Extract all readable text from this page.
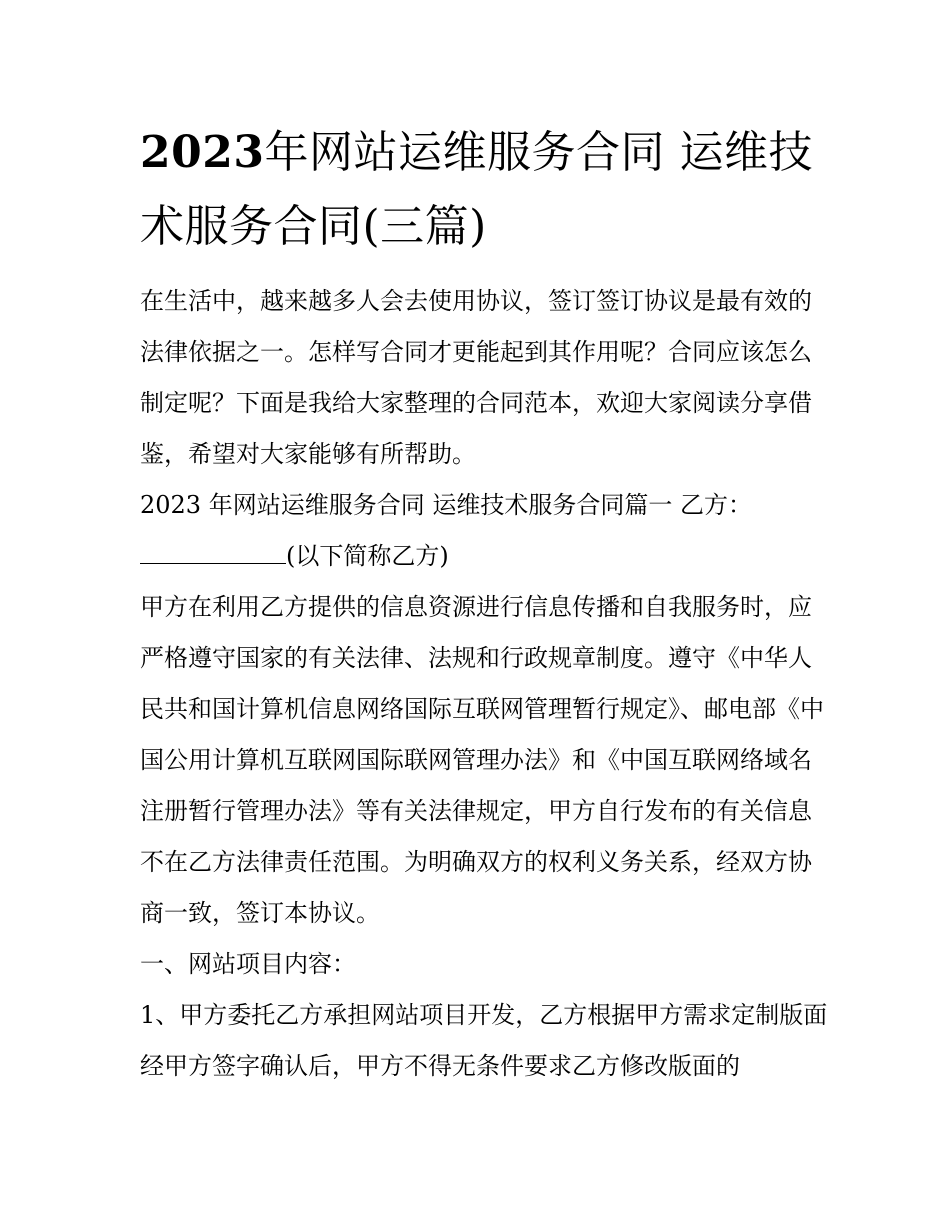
2023年网站运维服务合同 运维技术服务合同(三篇)

在生活中，越来越多人会去使用协议，签订签订协议是最有效的法律依据之一。怎样写合同才更能起到其作用呢？合同应该怎么制定呢？下面是我给大家整理的合同范本，欢迎大家阅读分享借鉴，希望对大家能够有所帮助。

2023 年网站运维服务合同 运维技术服务合同篇一 乙方：

(以下简称乙方)

甲方在利用乙方提供的信息资源进行信息传播和自我服务时，应严格遵守国家的有关法律、法规和行政规章制度。遵守《中华人民共和国计算机信息网络国际互联网管理暂行规定》、邮电部《中国公用计算机互联网国际联网管理办法》和《中国互联网络域名注册暂行管理办法》等有关法律规定，甲方自行发布的有关信息不在乙方法律责任范围。为明确双方的权利义务关系，经双方协商一致，签订本协议。

一、网站项目内容：

1、甲方委托乙方承担网站项目开发，乙方根据甲方需求定制版面经甲方签字确认后，甲方不得无条件要求乙方修改版面的
